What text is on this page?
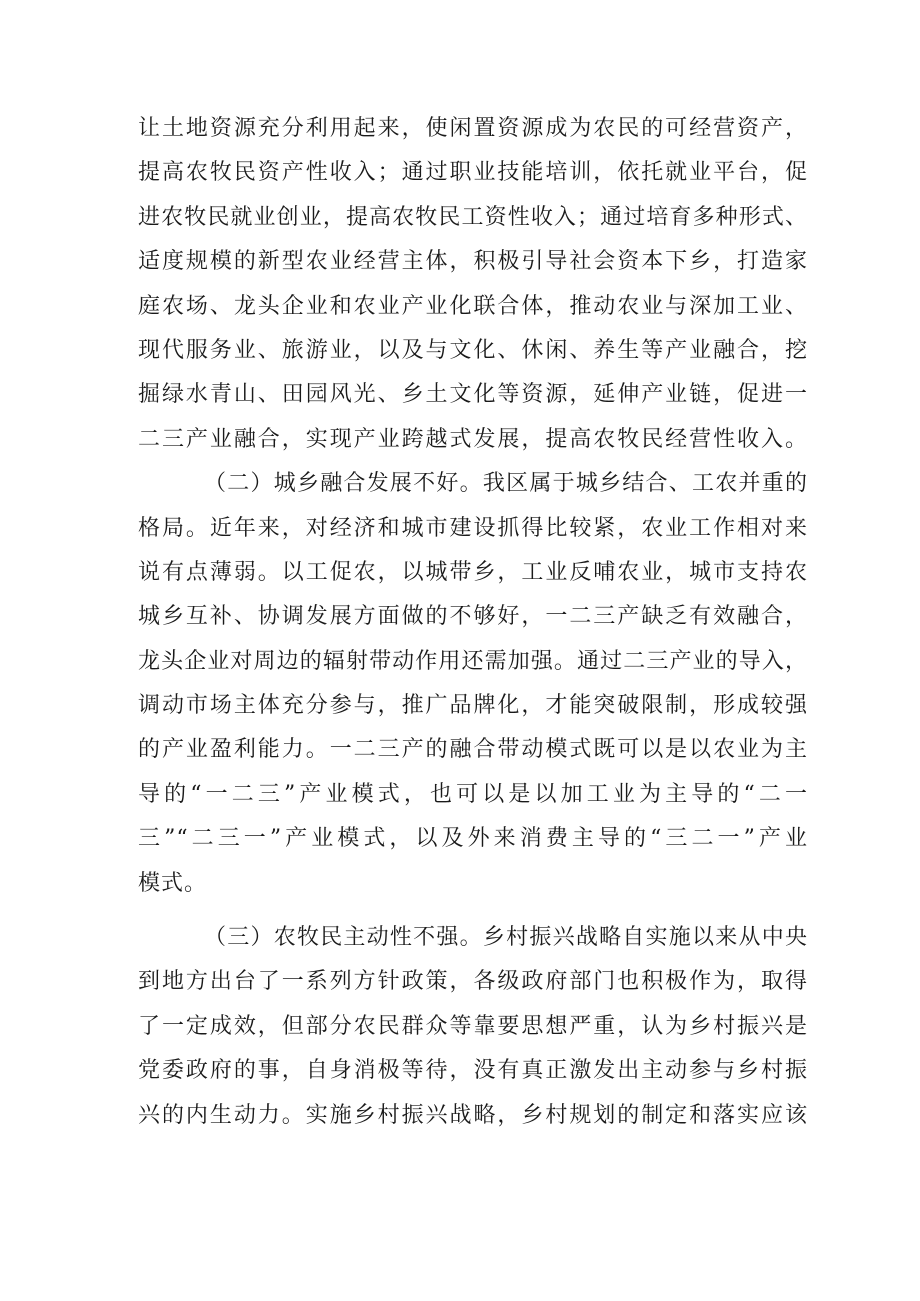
让土地资源充分利用起来，使闲置资源成为农民的可经营资产，
提高农牧民资产性收入；通过职业技能培训，依托就业平台，促
进农牧民就业创业，提高农牧民工资性收入；通过培育多种形式、
适度规模的新型农业经营主体，积极引导社会资本下乡，打造家
庭农场、龙头企业和农业产业化联合体，推动农业与深加工业、
现代服务业、旅游业，以及与文化、休闲、养生等产业融合，挖
掘绿水青山、田园风光、乡土文化等资源，延伸产业链，促进一
二三产业融合，实现产业跨越式发展，提高农牧民经营性收入。
（二）城乡融合发展不好。我区属于城乡结合、工农并重的
格局。近年来，对经济和城市建设抓得比较紧，农业工作相对来
说有点薄弱。以工促农，以城带乡，工业反哺农业，城市支持农
城乡互补、协调发展方面做的不够好，一二三产缺乏有效融合，
龙头企业对周边的辐射带动作用还需加强。通过二三产业的导入，
调动市场主体充分参与，推广品牌化，才能突破限制，形成较强
的产业盈利能力。一二三产的融合带动模式既可以是以农业为主
导的“一二三”产业模式，也可以是以加工业为主导的“二一
三”“二三一”产业模式，以及外来消费主导的“三二一”产业
模式。
（三）农牧民主动性不强。乡村振兴战略自实施以来从中央
到地方出台了一系列方针政策，各级政府部门也积极作为，取得
了一定成效，但部分农民群众等靠要思想严重，认为乡村振兴是
党委政府的事，自身消极等待，没有真正激发出主动参与乡村振
兴的内生动力。实施乡村振兴战略，乡村规划的制定和落实应该
